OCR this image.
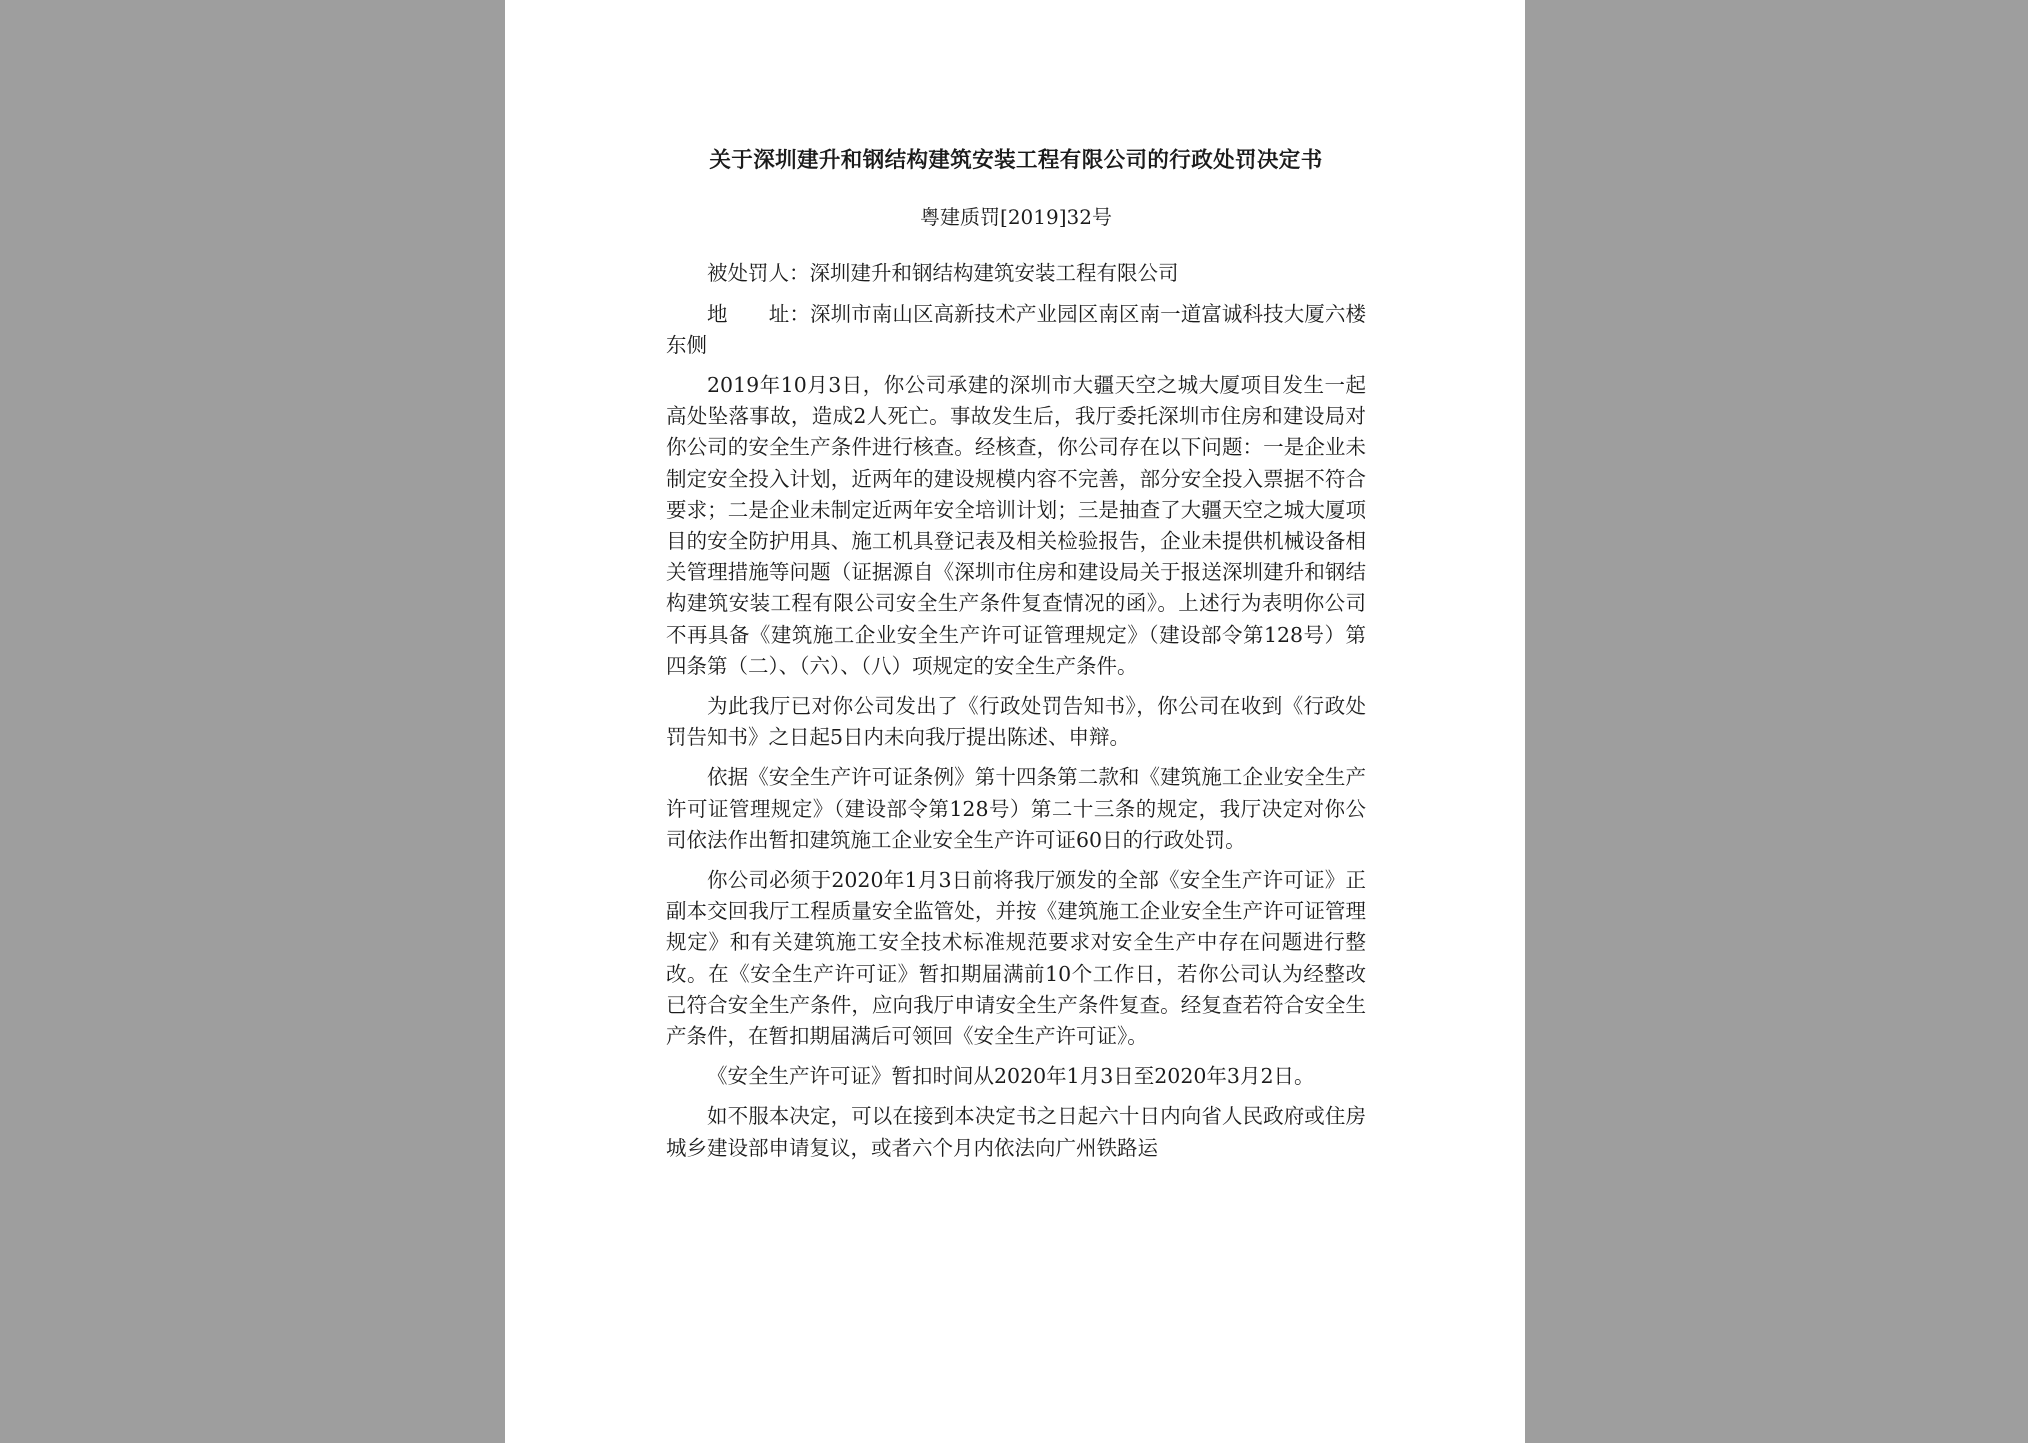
关于深圳建升和钢结构建筑安装工程有限公司的行政处罚决定书
粤建质罚[2019]32号

被处罚人：深圳建升和钢结构建筑安装工程有限公司

地　　址：深圳市南山区高新技术产业园区南区南一道富诚科技大厦六楼东侧

2019年10月3日，你公司承建的深圳市大疆天空之城大厦项目发生一起高处坠落事故，造成2人死亡。事故发生后，我厅委托深圳市住房和建设局对你公司的安全生产条件进行核查。经核查，你公司存在以下问题：一是企业未制定安全投入计划，近两年的建设规模内容不完善，部分安全投入票据不符合要求；二是企业未制定近两年安全培训计划；三是抽查了大疆天空之城大厦项目的安全防护用具、施工机具登记表及相关检验报告，企业未提供机械设备相关管理措施等问题（证据源自《深圳市住房和建设局关于报送深圳建升和钢结构建筑安装工程有限公司安全生产条件复查情况的函》。上述行为表明你公司不再具备《建筑施工企业安全生产许可证管理规定》（建设部令第128号）第四条第（二）、（六）、（八）项规定的安全生产条件。

为此我厅已对你公司发出了《行政处罚告知书》，你公司在收到《行政处罚告知书》之日起5日内未向我厅提出陈述、申辩。

依据《安全生产许可证条例》第十四条第二款和《建筑施工企业安全生产许可证管理规定》（建设部令第128号）第二十三条的规定，我厅决定对你公司依法作出暂扣建筑施工企业安全生产许可证60日的行政处罚。

你公司必须于2020年1月3日前将我厅颁发的全部《安全生产许可证》正副本交回我厅工程质量安全监管处，并按《建筑施工企业安全生产许可证管理规定》和有关建筑施工安全技术标准规范要求对安全生产中存在问题进行整改。在《安全生产许可证》暂扣期届满前10个工作日，若你公司认为经整改已符合安全生产条件，应向我厅申请安全生产条件复查。经复查若符合安全生产条件，在暂扣期届满后可领回《安全生产许可证》。

《安全生产许可证》暂扣时间从2020年1月3日至2020年3月2日。

如不服本决定，可以在接到本决定书之日起六十日内向省人民政府或住房城乡建设部申请复议，或者六个月内依法向广州铁路运
